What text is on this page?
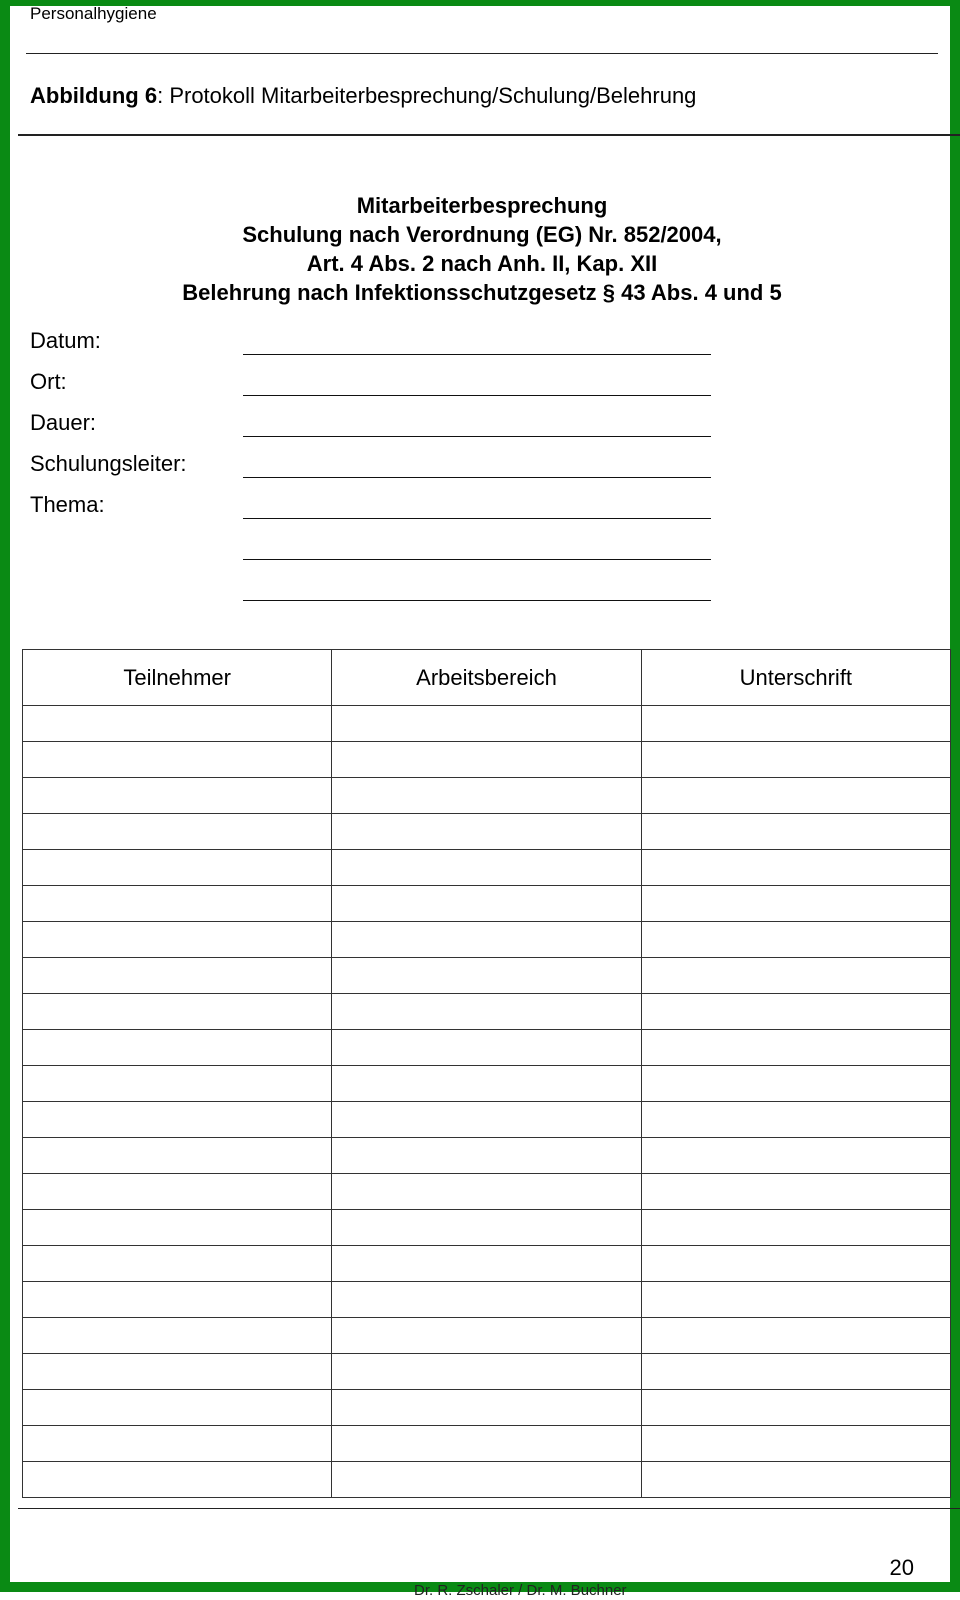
Personalhygiene
Abbildung 6: Protokoll Mitarbeiterbesprechung/Schulung/Belehrung
Mitarbeiterbesprechung
Schulung nach Verordnung (EG) Nr. 852/2004,
Art. 4 Abs. 2 nach Anh. II, Kap. XII
Belehrung nach Infektionsschutzgesetz § 43 Abs. 4 und 5
Datum:
Ort:
Dauer:
Schulungsleiter:
Thema:
Teilnehmer	Arbeitsbereich	Unterschrift

20
Dr. R. Zschaler / Dr. M. Buchner
